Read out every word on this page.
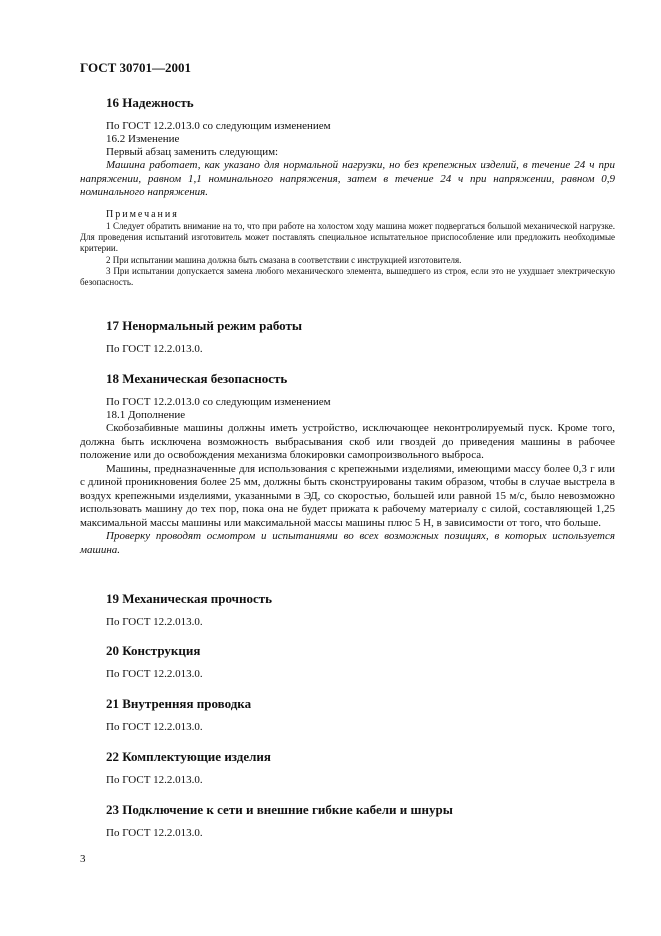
ГОСТ 30701—2001
16 Надежность
По ГОСТ 12.2.013.0 со следующим изменением
16.2 Изменение
Первый абзац заменить следующим:

Машина работает, как указано для нормальной нагрузки, но без крепежных изделий, в течение 24 ч при напряжении, равном 1,1 номинального напряжения, затем в течение 24 ч при напряжении, равном 0,9 номинального напряжения.

Примечания

1 Следует обратить внимание на то, что при работе на холостом ходу машина может подвергаться большой механической нагрузке. Для проведения испытаний изготовитель может поставлять специальное испытательное приспособление или предложить необходимые критерии.

2 При испытании машина должна быть смазана в соответствии с инструкцией изготовителя.

3 При испытании допускается замена любого механического элемента, вышедшего из строя, если это не ухудшает электрическую безопасность.

17 Ненормальный режим работы
По ГОСТ 12.2.013.0.
18 Механическая безопасность
По ГОСТ 12.2.013.0 со следующим изменением
18.1 Дополнение

Скобозабивные машины должны иметь устройство, исключающее неконтролируемый пуск. Кроме того, должна быть исключена возможность выбрасывания скоб или гвоздей до приведения машины в рабочее положение или до освобождения механизма блокировки самопроизвольного выброса.

Машины, предназначенные для использования с крепежными изделиями, имеющими массу более 0,3 г или с длиной проникновения более 25 мм, должны быть сконструированы таким образом, чтобы в случае выстрела в воздух крепежными изделиями, указанными в ЭД, со скоростью, большей или равной 15 м/с, было невозможно использовать машину до тех пор, пока она не будет прижата к рабочему материалу с силой, составляющей 1,25 максимальной массы машины или максимальной массы машины плюс 5 Н, в зависимости от того, что больше.

Проверку проводят осмотром и испытаниями во всех возможных позициях, в которых используется машина.

19 Механическая прочность
По ГОСТ 12.2.013.0.
20 Конструкция
По ГОСТ 12.2.013.0.
21 Внутренняя проводка
По ГОСТ 12.2.013.0.
22 Комплектующие изделия
По ГОСТ 12.2.013.0.
23 Подключение к сети и внешние гибкие кабели и шнуры
По ГОСТ 12.2.013.0.
3
